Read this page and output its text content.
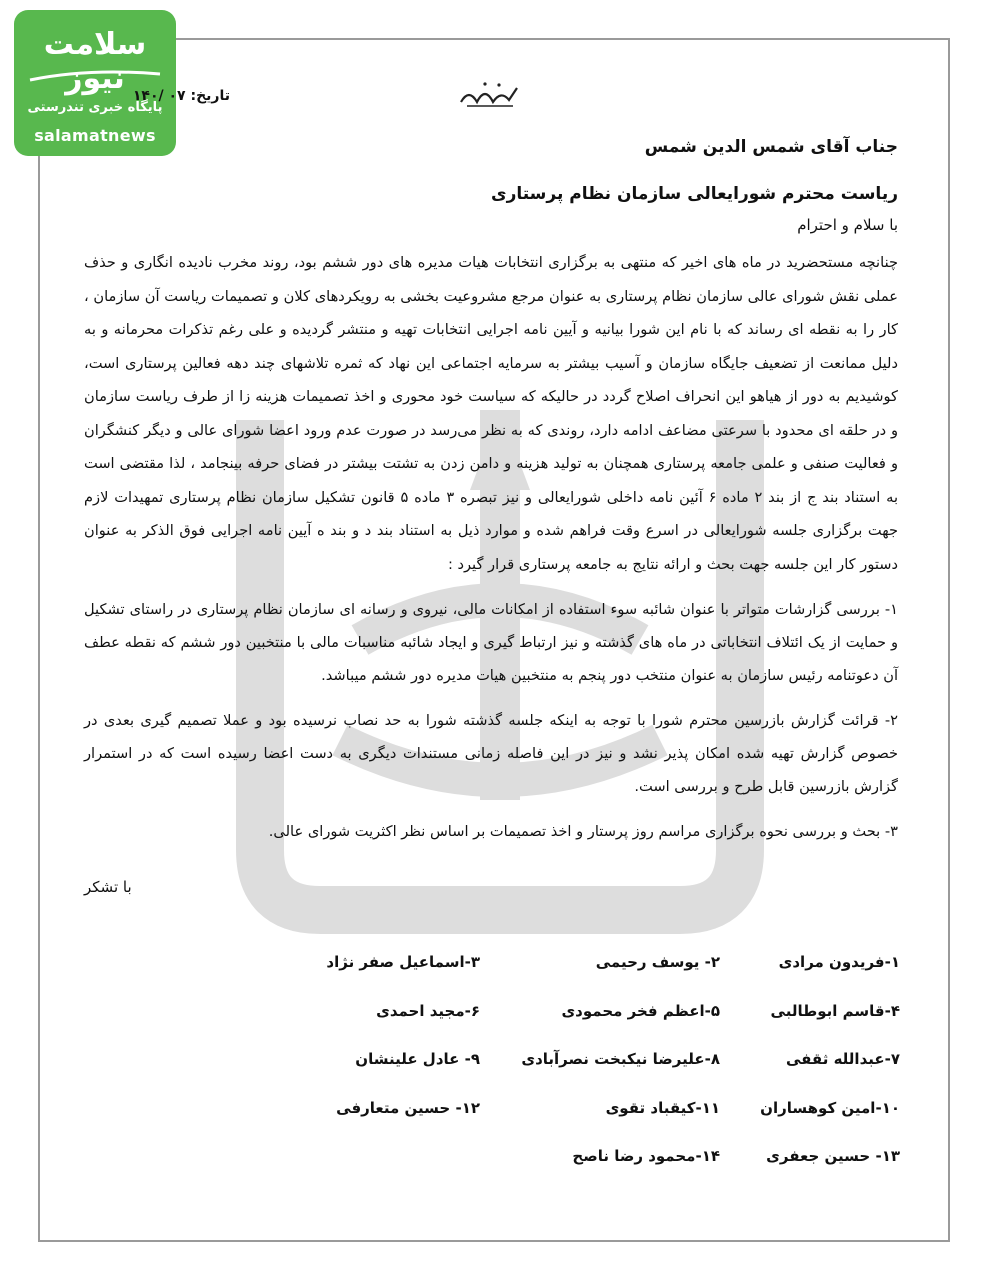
سلامت نیوز
پایگاه خبری تندرستی
salamatnews
تاریخ: ۰۷ /۱۴۰
جناب آقای شمس الدین شمس
ریاست محترم شورایعالی سازمان نظام پرستاری
با سلام و احترام

چنانچه مستحضرید در ماه های اخیر که منتهی به برگزاری انتخابات هیات مدیره های دور ششم بود، روند مخرب نادیده انگاری و حذف عملی نقش شورای عالی سازمان نظام پرستاری به عنوان مرجع مشروعیت بخشی به رویکردهای کلان و تصمیمات ریاست آن سازمان ، کار را به نقطه ای رساند که با نام این شورا بیانیه و آیین نامه اجرایی انتخابات تهیه و منتشر گردیده و علی رغم تذکرات محرمانه و به دلیل ممانعت از تضعیف جایگاه سازمان و آسیب بیشتر به سرمایه اجتماعی این نهاد که ثمره تلاشهای چند دهه فعالین پرستاری است، کوشیدیم به دور از هیاهو این انحراف اصلاح گردد در حالیکه که سیاست خود محوری و اخذ تصمیمات هزینه زا از طرف ریاست سازمان و در حلقه ای محدود با سرعتی مضاعف ادامه دارد، روندی که به نظر می‌رسد در صورت عدم ورود اعضا شورای عالی و دیگر کنشگران و فعالیت صنفی و علمی جامعه پرستاری همچنان به تولید هزینه و دامن زدن به تشتت بیشتر در فضای حرفه بینجامد ، لذا مقتضی است به استناد بند ج از بند ۲ ماده ۶ آئین نامه داخلی شورایعالی و نیز تبصره ۳ ماده ۵ قانون تشکیل سازمان نظام پرستاری تمهیدات لازم جهت برگزاری جلسه شورایعالی در اسرع وقت فراهم شده و موارد ذیل به استناد بند د و بند ه آیین نامه اجرایی فوق الذکر به عنوان دستور کار این جلسه جهت بحث و ارائه نتایج به جامعه پرستاری قرار گیرد :

۱- بررسی گزارشات متواتر با عنوان شائبه سوء استفاده از امکانات مالی، نیروی و رسانه ای سازمان نظام پرستاری در راستای تشکیل و حمایت از یک ائتلاف انتخاباتی در ماه های گذشته و نیز ارتباط گیری و ایجاد شائبه مناسبات مالی با منتخبین دور ششم که نقطه عطف آن دعوتنامه رئیس سازمان به عنوان منتخب دور پنجم به منتخبین هیات مدیره دور ششم میباشد.

۲- قرائت گزارش بازرسین محترم شورا با توجه به اینکه جلسه گذشته شورا به حد نصاب نرسیده بود و عملا تصمیم گیری بعدی در خصوص گزارش تهیه شده امکان پذیر نشد و نیز در این فاصله زمانی مستندات دیگری به دست اعضا رسیده است که در استمرار گزارش بازرسین قابل طرح و بررسی است.

۳- بحث و بررسی نحوه برگزاری مراسم روز پرستار و اخذ تصمیمات بر اساس نظر اکثریت شورای عالی.

با تشکر
۱-فریدون مرادی
۲- یوسف رحیمی
۳-اسماعیل صفر نژاد
۴-قاسم ابوطالبی
۵-اعظم فخر محمودی
۶-مجید احمدی
۷-عبدالله ثقفی
۸-علیرضا نیکبخت نصرآبادی
۹- عادل علینشان
۱۰-امین کوهساران
۱۱-کیقباد تقوی
۱۲- حسین متعارفی
۱۳- حسین جعفری
۱۴-محمود رضا ناصح
